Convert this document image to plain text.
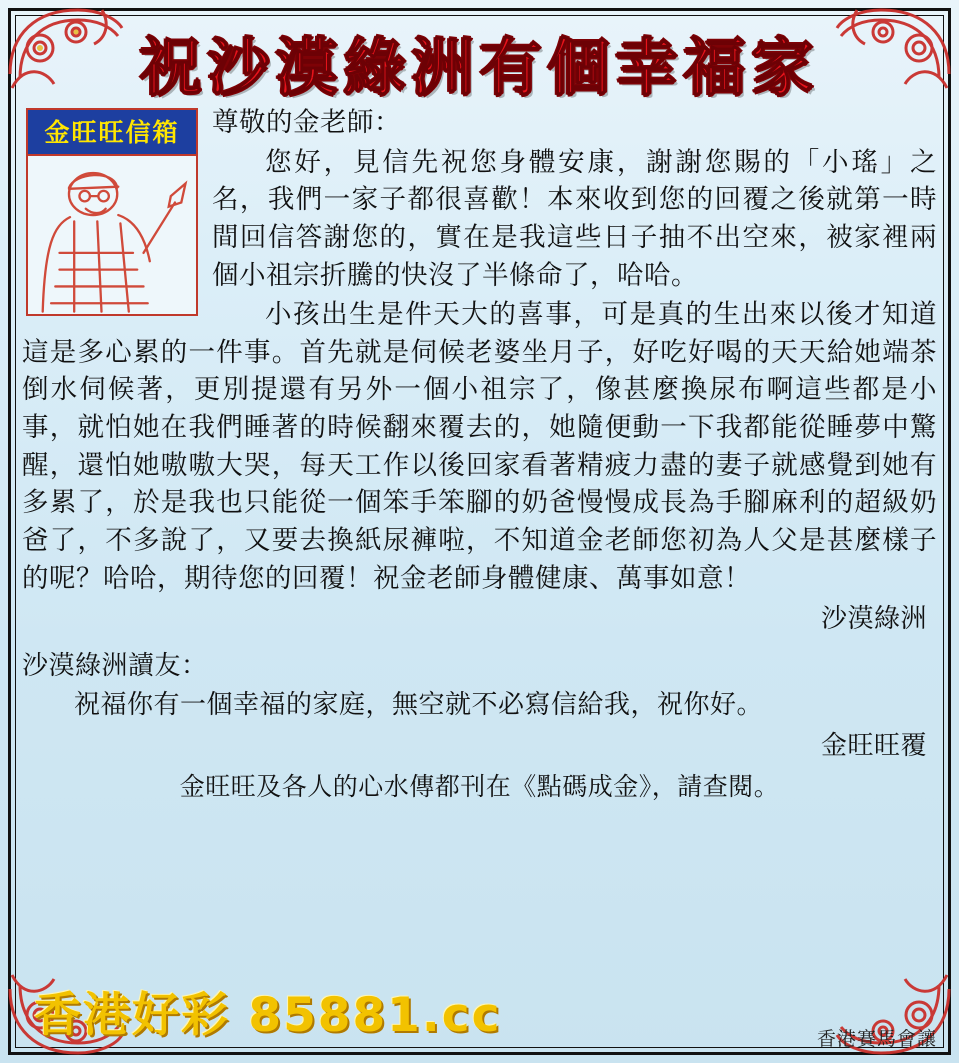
祝沙漠綠洲有個幸福家
金旺旺信箱	尊敬的金老師：
您好，見信先祝您身體安康，謝謝您賜的「小瑤」之名，我們一家子都很喜歡！本來收到您的回覆之後就第一時間回信答謝您的，實在是我這些日子抽不出空來，被家裡兩個小祖宗折騰的快沒了半條命了，哈哈。
小孩出生是件天大的喜事，可是真的生出來以後才知道這是多心累的一件事。首先就是伺候老婆坐月子，好吃好喝的天天給她端茶倒水伺候著，更別提還有另外一個小祖宗了，像甚麼換尿布啊這些都是小事，就怕她在我們睡著的時候翻來覆去的，她隨便動一下我都能從睡夢中驚醒，還怕她嗷嗷大哭，每天工作以後回家看著精疲力盡的妻子就感覺到她有多累了，於是我也只能從一個笨手笨腳的奶爸慢慢成長為手腳麻利的超級奶爸了，不多說了，又要去換紙尿褲啦，不知道金老師您初為人父是甚麼樣子的呢？哈哈，期待您的回覆！祝金老師身體健康、萬事如意！
沙漠綠洲
沙漠綠洲讀友：
祝福你有一個幸福的家庭，無空就不必寫信給我，祝你好。
金旺旺覆
金旺旺及各人的心水傳都刊在《點碼成金》，請查閱。
香港好彩 85881.cc	香港賽馬會讓
